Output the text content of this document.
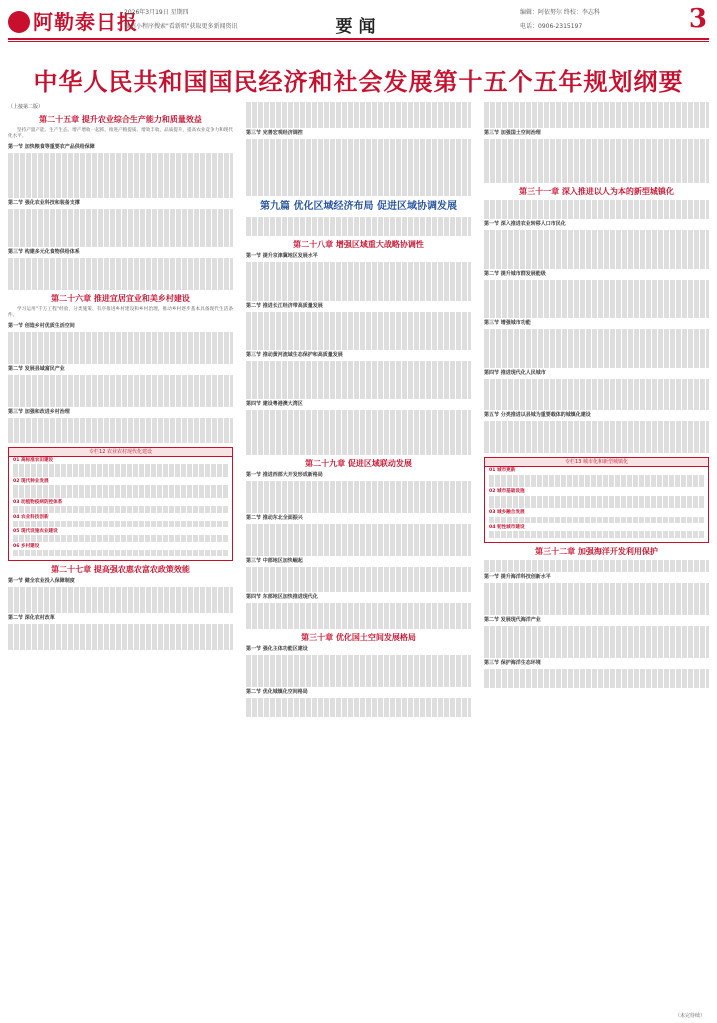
阿勒泰日报
2026年3月19日 星期四
微信小程序搜索"看新唱"获取更多新闻资讯	要闻
编辑：阿依努尔 终校：李志科
电话：0906-2315197	3
中华人民共和国国民经济和社会发展第十五个五年规划纲要
（上接第二版）
第二十五章 提升农业综合生产能力和质量效益

坚持产量产能、生产生态、增产增收一起抓，推进产粮提质、增效丰收，品质提升，提高农业竞争力和现代化水平。

第一节 加快粮食等重要农产品供给保障
第二节 强化农业科技和装备支撑
第三节 构建多元化食物供给体系
第二十六章 推进宜居宜业和美乡村建设

学习运用"千万工程"经验，分类施策、有序推进乡村建设和乡村治理，推动乡村逐步基本具备现代生活条件。

第一节 创造乡村优质生活空间
第二节 发展县域富民产业
第三节 加强和改进乡村治理
专栏12 农业农村现代化建设
01 高标准农田建设
02 现代种业发展
03 动植物疫病防控体系
04 农业科技创新
05 现代设施农业建设
06 乡村建设
第二十七章 提高强农惠农富农政策效能
第一节 健全农业投入保障制度
第二节 深化农村改革
第三节 完善宏观经济调控
第九篇 优化区域经济布局 促进区域协调发展
第二十八章 增强区域重大战略协调性
第一节 提升京津冀地区发展水平
第二节 推进长江经济带高质量发展
第三节 推动黄河流域生态保护和高质量发展
第四节 建设粤港澳大湾区
第二十九章 促进区域联动发展
第一节 推进西部大开发形成新格局
第二节 推动东北全面振兴
第三节 中部地区加快崛起
第四节 东部地区加快推进现代化
第三十章 优化国土空间发展格局
第一节 强化主体功能区建设
第二节 优化城镇化空间格局
第三节 加强国土空间治理
第三十一章 深入推进以人为本的新型城镇化
第一节 深入推进农业转移人口市民化
第二节 提升城市群发展能级
第三节 增强城市功能
第四节 推进现代化人民城市
第五节 分类推进以县城为重要载体的城镇化建设
专栏13 城市化和新型城镇化
01 城市更新
02 城市基础设施
03 城乡融合发展
04 韧性城市建设
第三十二章 加强海洋开发利用保护
第一节 提升海洋科技创新水平
第二节 发展现代海洋产业
第三节 保护海洋生态环境
（未完待续）
